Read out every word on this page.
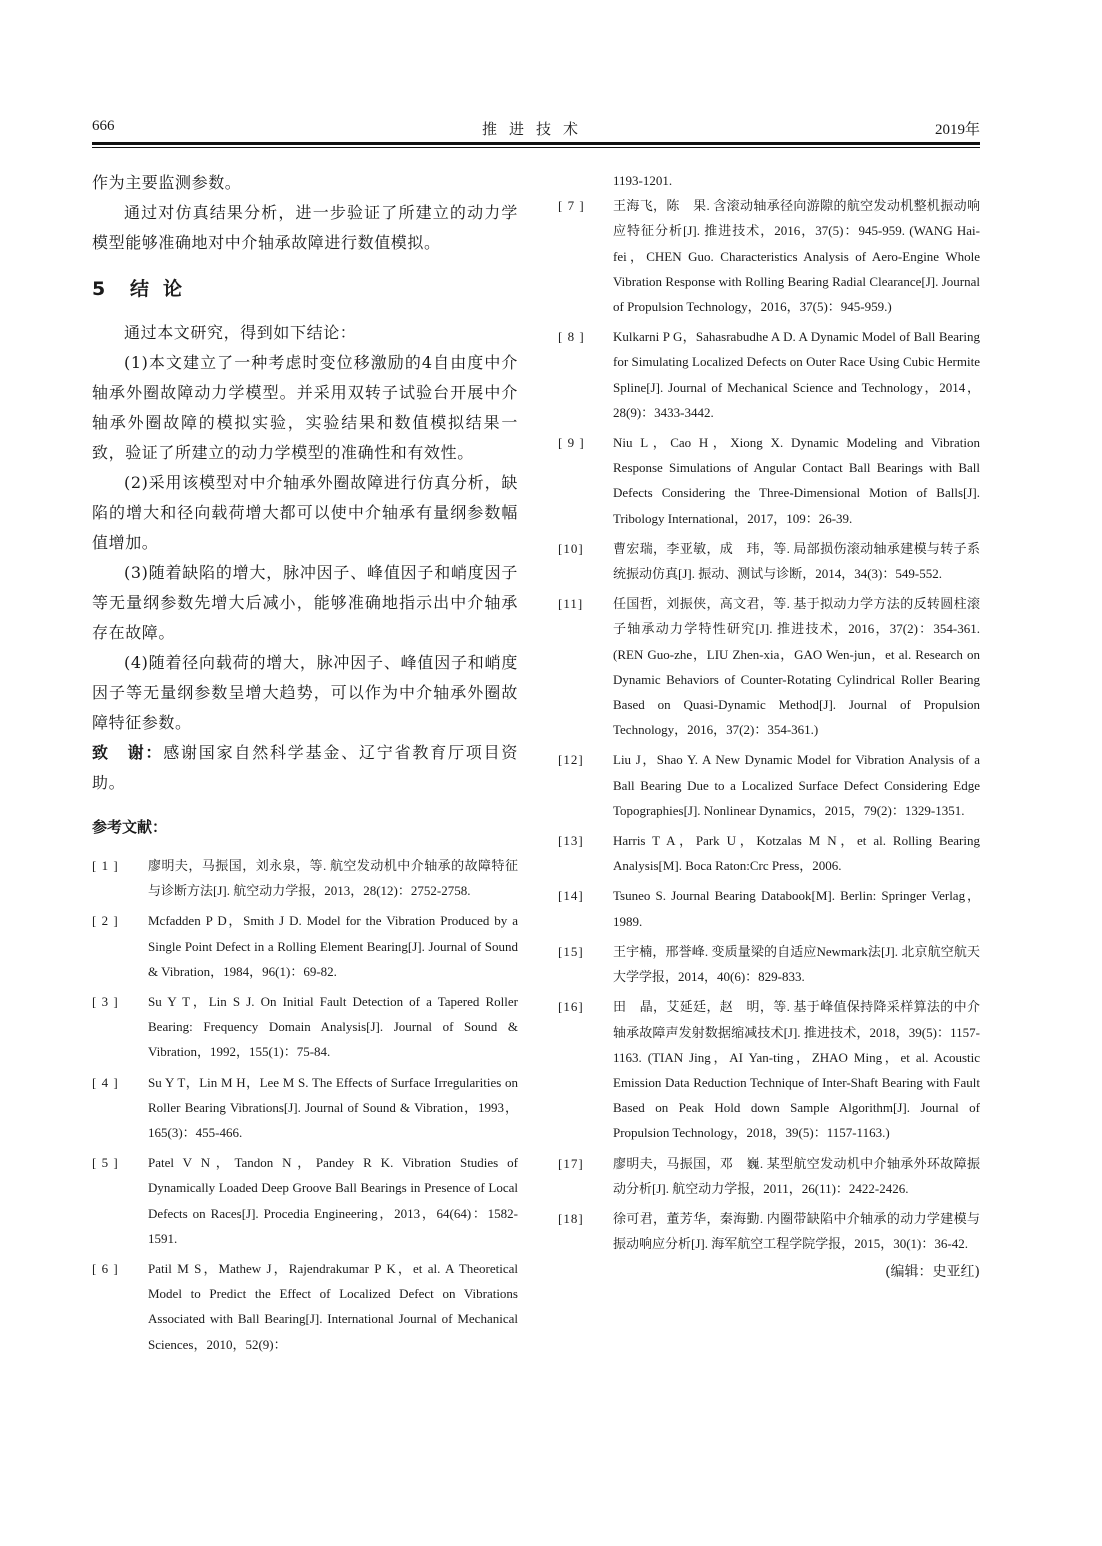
666	推进技术	2019年

作为主要监测参数。

通过对仿真结果分析，进一步验证了所建立的动力学模型能够准确地对中介轴承故障进行数值模拟。

5 结论

通过本文研究，得到如下结论：

(1)本文建立了一种考虑时变位移激励的4自由度中介轴承外圈故障动力学模型。并采用双转子试验台开展中介轴承外圈故障的模拟实验，实验结果和数值模拟结果一致，验证了所建立的动力学模型的准确性和有效性。

(2)采用该模型对中介轴承外圈故障进行仿真分析，缺陷的增大和径向载荷增大都可以使中介轴承有量纲参数幅值增加。

(3)随着缺陷的增大，脉冲因子、峰值因子和峭度因子等无量纲参数先增大后减小，能够准确地指示出中介轴承存在故障。

(4)随着径向载荷的增大，脉冲因子、峰值因子和峭度因子等无量纲参数呈增大趋势，可以作为中介轴承外圈故障特征参数。

致　谢：感谢国家自然科学基金、辽宁省教育厅项目资助。

参考文献：
[ 1 ]	廖明夫，马振国，刘永泉，等. 航空发动机中介轴承的故障特征与诊断方法[J]. 航空动力学报，2013，28(12)：2752-2758.
[ 2 ]	Mcfadden P D，Smith J D. Model for the Vibration Produced by a Single Point Defect in a Rolling Element Bearing[J]. Journal of Sound & Vibration，1984，96(1)：69-82.
[ 3 ]	Su Y T，Lin S J. On Initial Fault Detection of a Tapered Roller Bearing: Frequency Domain Analysis[J]. Journal of Sound & Vibration，1992，155(1)：75-84.
[ 4 ]	Su Y T，Lin M H，Lee M S. The Effects of Surface Irregularities on Roller Bearing Vibrations[J]. Journal of Sound & Vibration，1993，165(3)：455-466.
[ 5 ]	Patel V N，Tandon N，Pandey R K. Vibration Studies of Dynamically Loaded Deep Groove Ball Bearings in Presence of Local Defects on Races[J]. Procedia Engineering，2013，64(64)：1582-1591.
[ 6 ]	Patil M S，Mathew J，Rajendrakumar P K，et al. A Theoretical Model to Predict the Effect of Localized Defect on Vibrations Associated with Ball Bearing[J]. International Journal of Mechanical Sciences，2010，52(9)：
1193-1201.
[ 7 ]	王海飞，陈　果. 含滚动轴承径向游隙的航空发动机整机振动响应特征分析[J]. 推进技术，2016，37(5)：945-959. (WANG Hai-fei，CHEN Guo. Characteristics Analysis of Aero-Engine Whole Vibration Response with Rolling Bearing Radial Clearance[J]. Journal of Propulsion Technology，2016，37(5)：945-959.)
[ 8 ]	Kulkarni P G，Sahasrabudhe A D. A Dynamic Model of Ball Bearing for Simulating Localized Defects on Outer Race Using Cubic Hermite Spline[J]. Journal of Mechanical Science and Technology，2014，28(9)：3433-3442.
[ 9 ]	Niu L，Cao H，Xiong X. Dynamic Modeling and Vibration Response Simulations of Angular Contact Ball Bearings with Ball Defects Considering the Three-Dimensional Motion of Balls[J]. Tribology International，2017，109：26-39.
[10]	曹宏瑞，李亚敏，成　玮，等. 局部损伤滚动轴承建模与转子系统振动仿真[J]. 振动、测试与诊断，2014，34(3)：549-552.
[11]	任国哲，刘振侠，高文君，等. 基于拟动力学方法的反转圆柱滚子轴承动力学特性研究[J]. 推进技术，2016，37(2)：354-361. (REN Guo-zhe，LIU Zhen-xia，GAO Wen-jun，et al. Research on Dynamic Behaviors of Counter-Rotating Cylindrical Roller Bearing Based on Quasi-Dynamic Method[J]. Journal of Propulsion Technology，2016，37(2)：354-361.)
[12]	Liu J，Shao Y. A New Dynamic Model for Vibration Analysis of a Ball Bearing Due to a Localized Surface Defect Considering Edge Topographies[J]. Nonlinear Dynamics，2015，79(2)：1329-1351.
[13]	Harris T A，Park U，Kotzalas M N，et al. Rolling Bearing Analysis[M]. Boca Raton:Crc Press，2006.
[14]	Tsuneo S. Journal Bearing Databook[M]. Berlin: Springer Verlag，1989.
[15]	王宇楠，邢誉峰. 变质量梁的自适应Newmark法[J]. 北京航空航天大学学报，2014，40(6)：829-833.
[16]	田　晶，艾延廷，赵　明，等. 基于峰值保持降采样算法的中介轴承故障声发射数据缩减技术[J]. 推进技术，2018，39(5)：1157-1163. (TIAN Jing，AI Yan-ting，ZHAO Ming，et al. Acoustic Emission Data Reduction Technique of Inter-Shaft Bearing with Fault Based on Peak Hold down Sample Algorithm[J]. Journal of Propulsion Technology，2018，39(5)：1157-1163.)
[17]	廖明夫，马振国，邓　巍. 某型航空发动机中介轴承外环故障振动分析[J]. 航空动力学报，2011，26(11)：2422-2426.
[18]	徐可君，董芳华，秦海勤. 内圈带缺陷中介轴承的动力学建模与振动响应分析[J]. 海军航空工程学院学报，2015，30(1)：36-42.
(编辑：史亚红)
